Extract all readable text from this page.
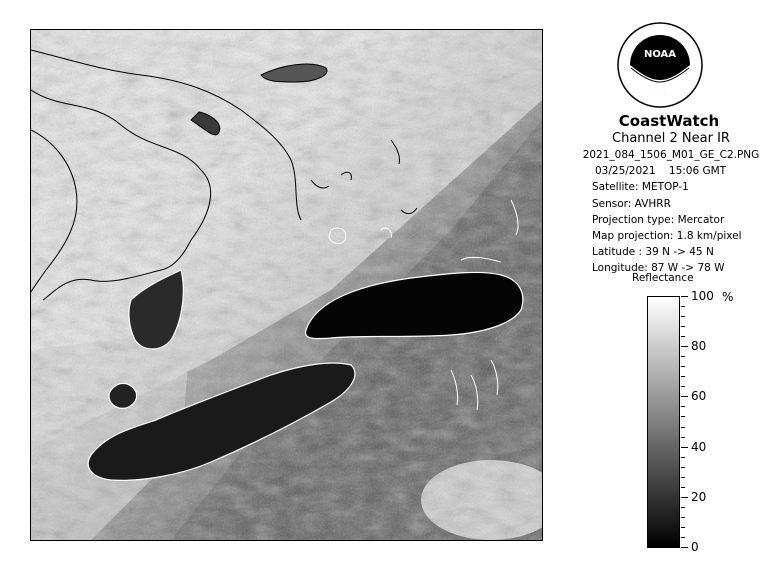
NOAA
CoastWatch
Channel 2 Near IR
2021_084_1506_M01_GE_C2.PNG
03/25/2021 15:06 GMT
Satellite: METOP-1
Sensor: AVHRR
Projection type: Mercator
Map projection: 1.8 km/pixel
Latitude : 39 N -> 45 N
Longitude: 87 W -> 78 W
Reflectance
%
100
80
60
40
20
0
